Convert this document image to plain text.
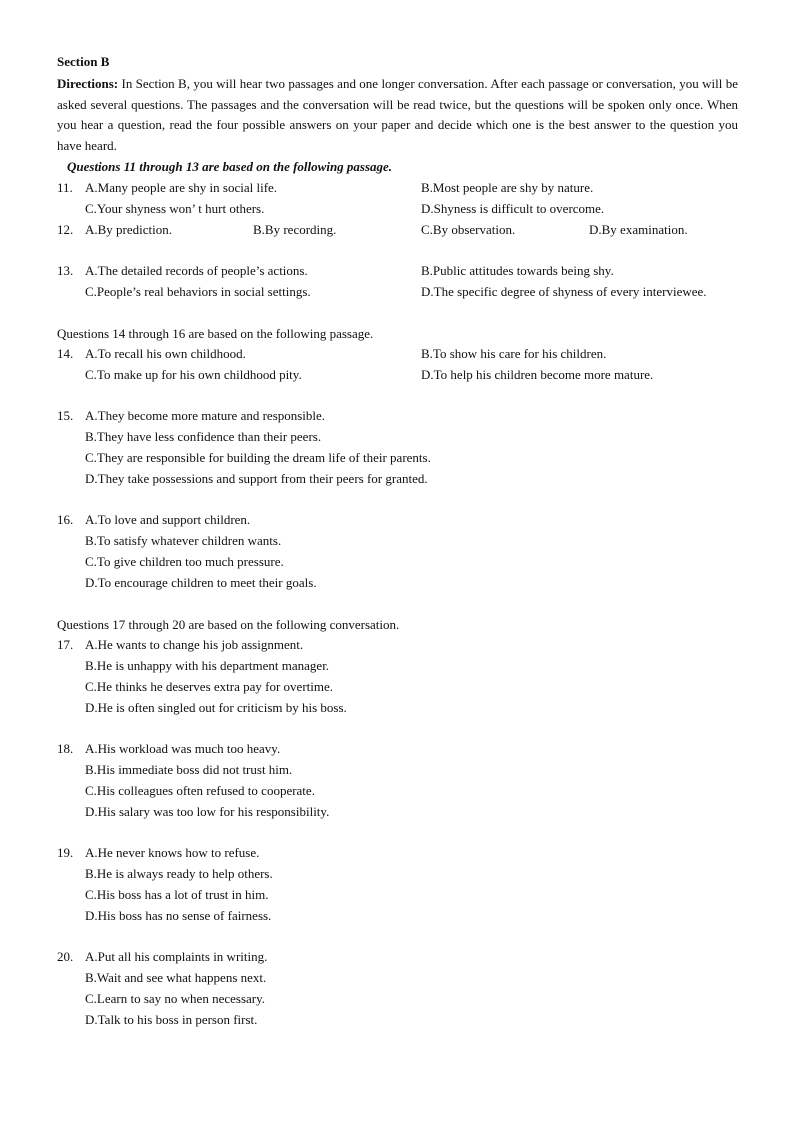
Section B
Directions: In Section B, you will hear two passages and one longer conversation. After each passage or conversation, you will be asked several questions. The passages and the conversation will be read twice, but the questions will be spoken only once. When you hear a question, read the four possible answers on your paper and decide which one is the best answer to the question you have heard.
Questions 11 through 13 are based on the following passage.
Questions 14 through 16 are based on the following passage.
Questions 17 through 20 are based on the following conversation.
11. A.Many people are shy in social life.	B.Most people are shy by nature.
C.Your shyness won’ t hurt others.	D.Shyness is difficult to overcome.
12. A.By prediction.	B.By recording.	C.By observation.	D.By examination.
13. A.The detailed records of people’s actions.	B.Public attitudes towards being shy.
C.People’s real behaviors in social settings.	D.The specific degree of shyness of every interviewee.
14. A.To recall his own childhood.	B.To show his care for his children.
C.To make up for his own childhood pity.	D.To help his children become more mature.
15. A.They become more mature and responsible.
B.They have less confidence than their peers.
C.They are responsible for building the dream life of their parents.
D.They take possessions and support from their peers for granted.
16. A.To love and support children.
B.To satisfy whatever children wants.
C.To give children too much pressure.
D.To encourage children to meet their goals.
17. A.He wants to change his job assignment.
B.He is unhappy with his department manager.
C.He thinks he deserves extra pay for overtime.
D.He is often singled out for criticism by his boss.
18. A.His workload was much too heavy.
B.His immediate boss did not trust him.
C.His colleagues often refused to cooperate.
D.His salary was too low for his responsibility.
19. A.He never knows how to refuse.
B.He is always ready to help others.
C.His boss has a lot of trust in him.
D.His boss has no sense of fairness.
20. A.Put all his complaints in writing.
B.Wait and see what happens next.
C.Learn to say no when necessary.
D.Talk to his boss in person first.
